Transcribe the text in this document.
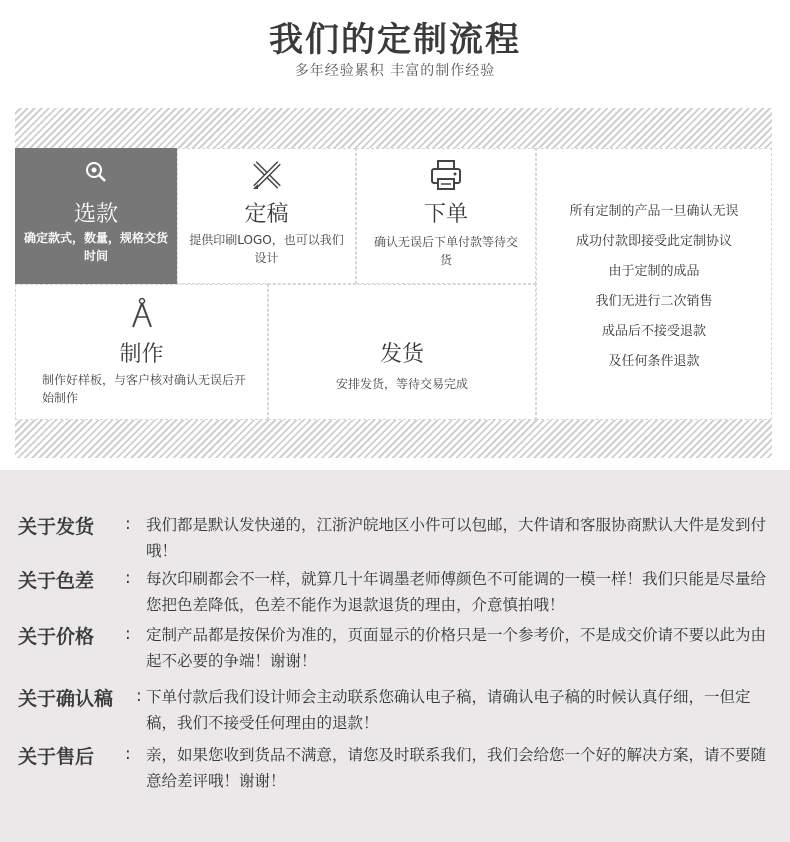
我们的定制流程
多年经验累积 丰富的制作经验
选款
确定款式，数量，规格交货时间
定稿
提供印刷LOGO，也可以我们设计
下单
确认无误后下单付款等待交货
所有定制的产品一旦确认无误
成功付款即接受此定制协议
由于定制的成品
我们无进行二次销售
成品后不接受退款
及任何条件退款
制作
制作好样板，与客户核对确认无误后开始制作
发货
安排发货，等待交易完成
关于发货	: 我们都是默认发快递的，江浙沪皖地区小件可以包邮，大件请和客服协商默认大件是发到付哦！
关于色差	: 每次印刷都会不一样，就算几十年调墨老师傅颜色不可能调的一模一样！我们只能是尽量给您把色差降低，色差不能作为退款退货的理由，介意慎拍哦！
关于价格	: 定制产品都是按保价为准的，页面显示的价格只是一个参考价，不是成交价请不要以此为由起不必要的争端！谢谢！
关于确认稿	: 下单付款后我们设计师会主动联系您确认电子稿，请确认电子稿的时候认真仔细，一但定稿，我们不接受任何理由的退款！
关于售后	: 亲，如果您收到货品不满意，请您及时联系我们，我们会给您一个好的解决方案，请不要随意给差评哦！谢谢！
